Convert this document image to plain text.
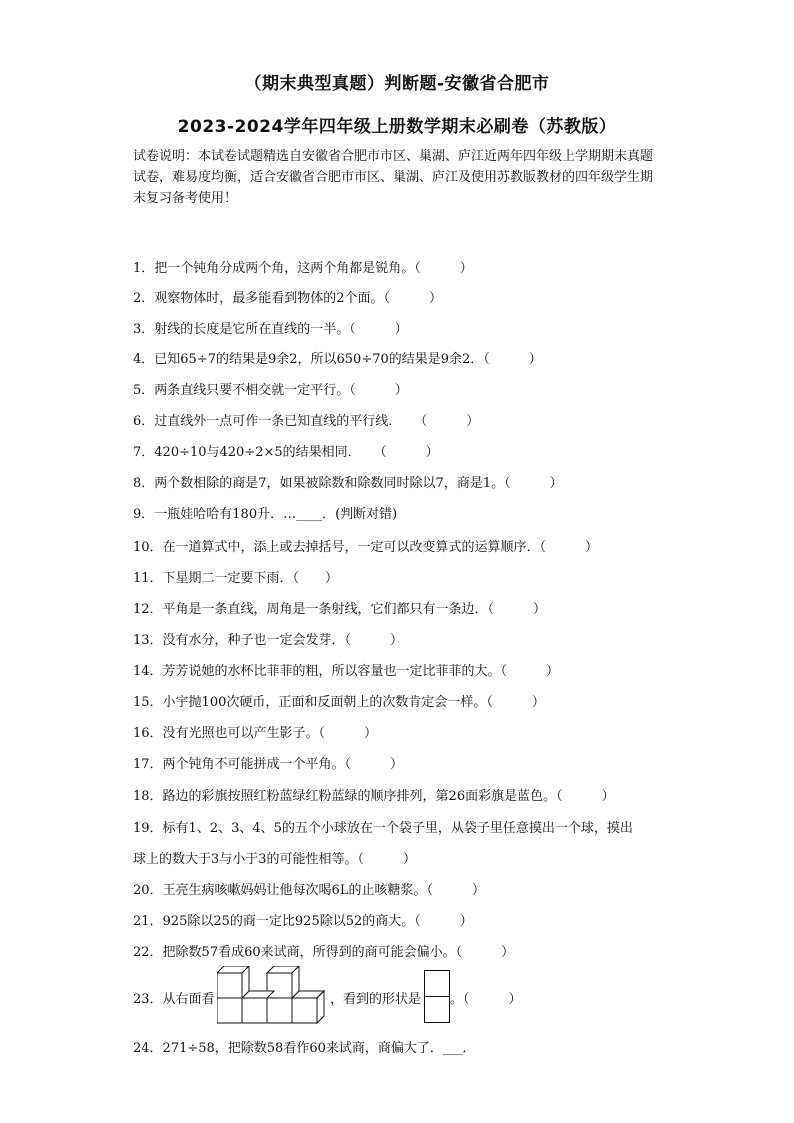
（期末典型真题）判断题-安徽省合肥市
2023-2024学年四年级上册数学期末必刷卷（苏教版）
试卷说明：本试卷试题精选自安徽省合肥市市区、巢湖、庐江近两年四年级上学期期末真题试卷，难易度均衡，适合安徽省合肥市市区、巢湖、庐江及使用苏教版教材的四年级学生期末复习备考使用！
1．把一个钝角分成两个角，这两个角都是锐角。（　　　）
2．观察物体时，最多能看到物体的2个面。（　　　）
3．射线的长度是它所在直线的一半。（　　　）
4．已知65÷7的结果是9余2，所以650÷70的结果是9余2．（　　　）
5．两条直线只要不相交就一定平行。（　　　）
6．过直线外一点可作一条已知直线的平行线．　　（　　　）
7．420÷10与420÷2×5的结果相同．　　（　　　）
8．两个数相除的商是7，如果被除数和除数同时除以7，商是1。（　　　）
9．一瓶娃哈哈有180升．…____．(判断对错)
10．在一道算式中，添上或去掉括号，一定可以改变算式的运算顺序．（　　　）
11．下星期二一定要下雨．（　　）
12．平角是一条直线，周角是一条射线，它们都只有一条边．（　　　）
13．没有水分，种子也一定会发芽．（　　　）
14．芳芳说她的水杯比菲菲的粗，所以容量也一定比菲菲的大。（　　　）
15．小宇抛100次硬币，正面和反面朝上的次数肯定会一样。（　　　）
16．没有光照也可以产生影子。（　　　）
17．两个钝角不可能拼成一个平角。（　　　）
18．路边的彩旗按照红粉蓝绿红粉蓝绿的顺序排列，第26面彩旗是蓝色。（　　　）
19．标有1、2、3、4、5的五个小球放在一个袋子里，从袋子里任意摸出一个球，摸出
球上的数大于3与小于3的可能性相等。（　　　）
20．王亮生病咳嗽妈妈让他每次喝6L的止咳糖浆。（　　　）
21．925除以25的商一定比925除以52的商大。（　　　）
22．把除数57看成60来试商，所得到的商可能会偏小。（　　　）
23．从右面看	，看到的形状是 。（　　　）
24．271÷58，把除数58看作60来试商，商偏大了．___．
